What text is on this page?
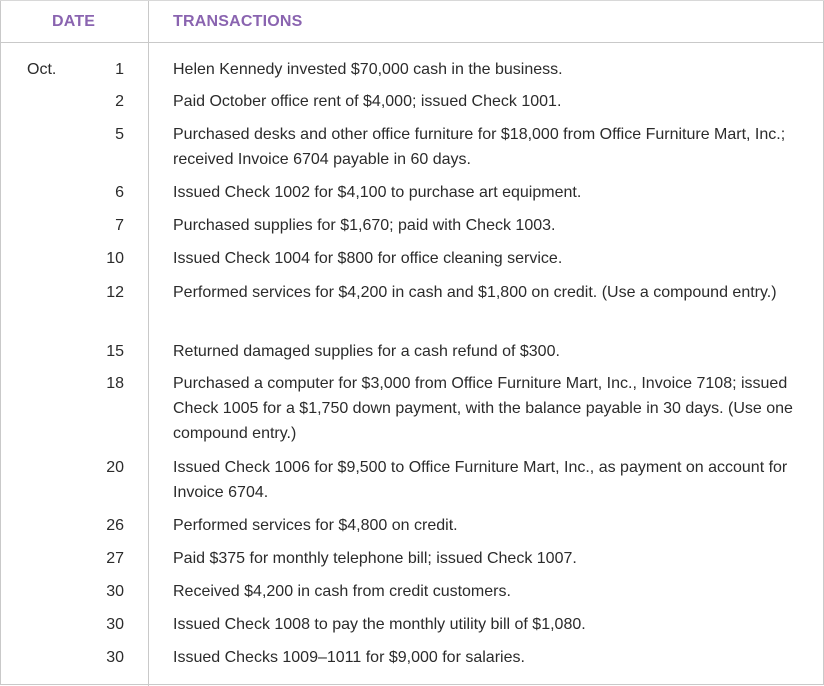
DATE	TRANSACTIONS
Oct.	1	Helen Kennedy invested $70,000 cash in the business.
2	Paid October office rent of $4,000; issued Check 1001.
5	Purchased desks and other office furniture for $18,000 from Office Furniture Mart, Inc.; received Invoice 6704 payable in 60 days.
6	Issued Check 1002 for $4,100 to purchase art equipment.
7	Purchased supplies for $1,670; paid with Check 1003.
10	Issued Check 1004 for $800 for office cleaning service.
12	Performed services for $4,200 in cash and $1,800 on credit. (Use a compound entry.)
15	Returned damaged supplies for a cash refund of $300.
18	Purchased a computer for $3,000 from Office Furniture Mart, Inc., Invoice 7108; issued Check 1005 for a $1,750 down payment, with the balance payable in 30 days. (Use one compound entry.)
20	Issued Check 1006 for $9,500 to Office Furniture Mart, Inc., as payment on account for Invoice 6704.
26	Performed services for $4,800 on credit.
27	Paid $375 for monthly telephone bill; issued Check 1007.
30	Received $4,200 in cash from credit customers.
30	Issued Check 1008 to pay the monthly utility bill of $1,080.
30	Issued Checks 1009–1011 for $9,000 for salaries.
